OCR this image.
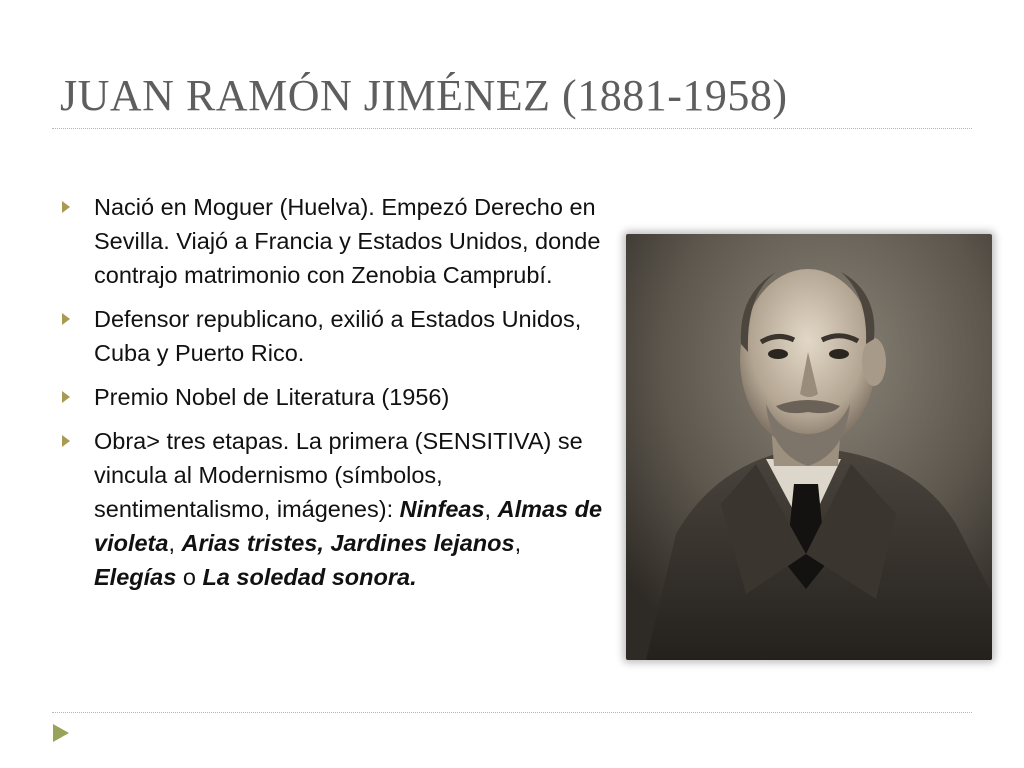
JUAN RAMÓN JIMÉNEZ (1881-1958)
Nació en Moguer (Huelva). Empezó Derecho en Sevilla. Viajó a Francia y Estados Unidos, donde contrajo matrimonio con Zenobia Camprubí.
Defensor republicano, exilió a Estados Unidos, Cuba y Puerto Rico.
Premio Nobel de Literatura (1956)
Obra> tres etapas. La primera (SENSITIVA) se vincula al Modernismo (símbolos, sentimentalismo, imágenes): Ninfeas, Almas de violeta, Arias tristes, Jardines lejanos, Elegías o La soledad sonora.
